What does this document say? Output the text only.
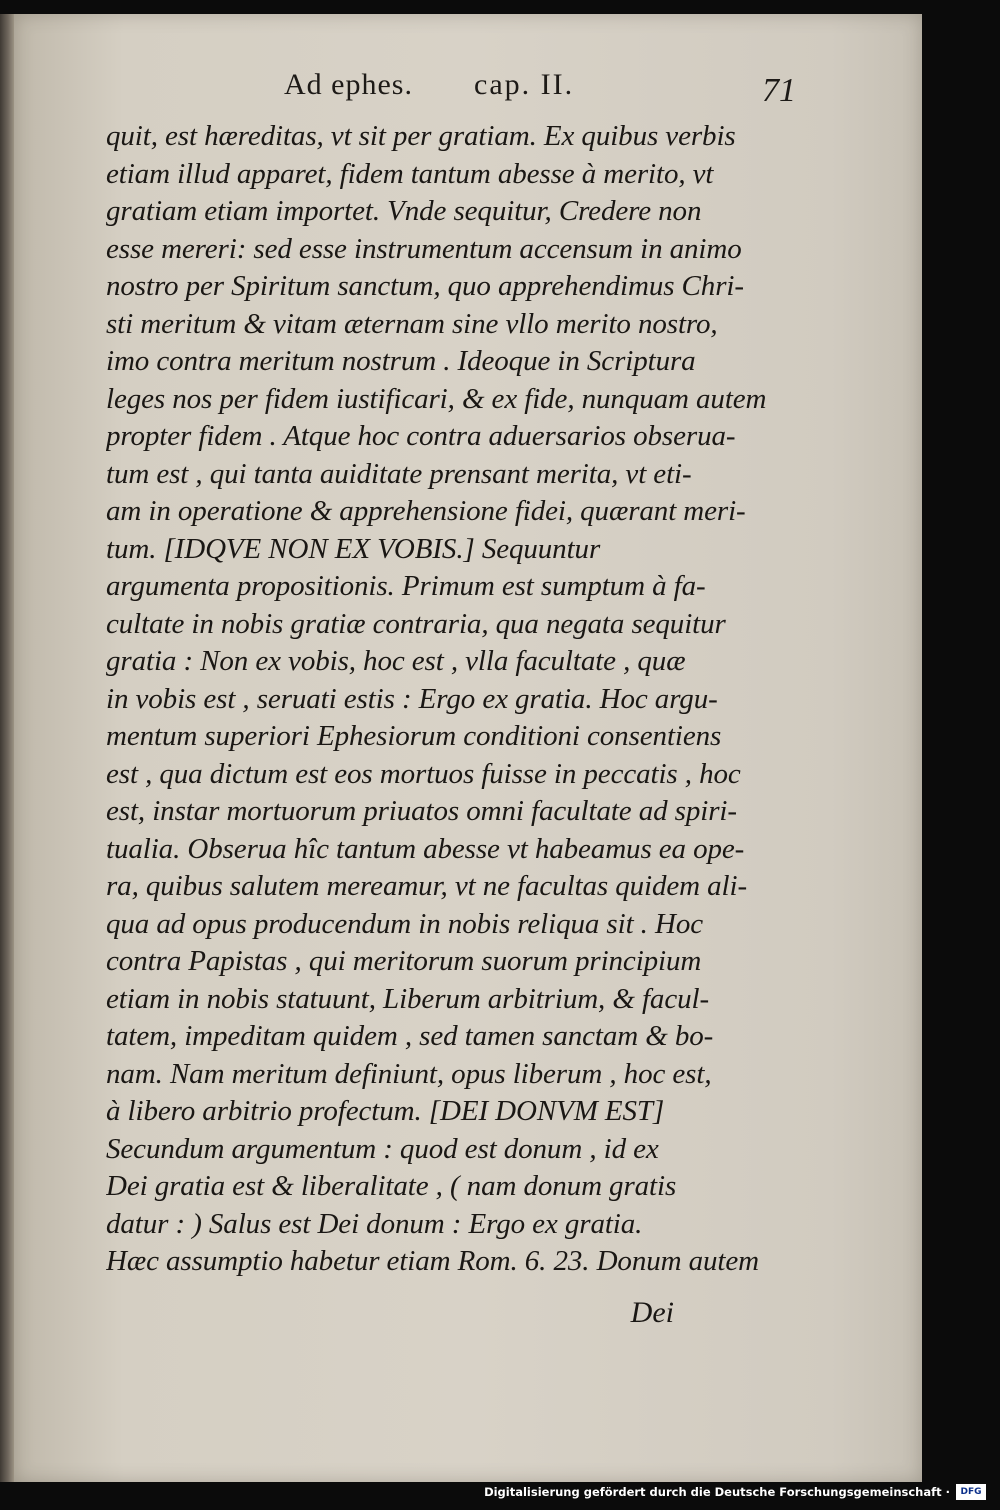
Ad ephes. cap. II.	71
quit, est hæreditas, vt sit per gratiam. Ex quibus verbis
etiam illud apparet, fidem tantum abesse à merito, vt
gratiam etiam importet. Vnde sequitur, Credere non
esse mereri: sed esse instrumentum accensum in animo
nostro per Spiritum sanctum, quo apprehendimus Chri-
sti meritum & vitam æternam sine vllo merito nostro,
imo contra meritum nostrum . Ideoque in Scriptura
leges nos per fidem iustificari, & ex fide, nunquam autem
propter fidem . Atque hoc contra aduersarios obserua-
tum est , qui tanta auiditate prensant merita, vt eti-
am in operatione & apprehensione fidei, quærant meri-
tum. [IDQVE NON EX VOBIS.] Sequuntur
argumenta propositionis. Primum est sumptum à fa-
cultate in nobis gratiæ contraria, qua negata sequitur
gratia : Non ex vobis, hoc est , vlla facultate , quæ
in vobis est , seruati estis : Ergo ex gratia. Hoc argu-
mentum superiori Ephesiorum conditioni consentiens
est , qua dictum est eos mortuos fuisse in peccatis , hoc
est, instar mortuorum priuatos omni facultate ad spiri-
tualia. Obserua hîc tantum abesse vt habeamus ea ope-
ra, quibus salutem mereamur, vt ne facultas quidem ali-
qua ad opus producendum in nobis reliqua sit . Hoc
contra Papistas , qui meritorum suorum principium
etiam in nobis statuunt, Liberum arbitrium, & facul-
tatem, impeditam quidem , sed tamen sanctam & bo-
nam. Nam meritum definiunt, opus liberum , hoc est,
à libero arbitrio profectum. [DEI DONVM EST]
Secundum argumentum : quod est donum , id ex
Dei gratia est & liberalitate , ( nam donum gratis
datur : ) Salus est Dei donum : Ergo ex gratia.
Hæc assumptio habetur etiam Rom. 6. 23. Donum autem
Dei
Digitalisierung gefördert durch die Deutsche Forschungsgemeinschaft ·	DFG
